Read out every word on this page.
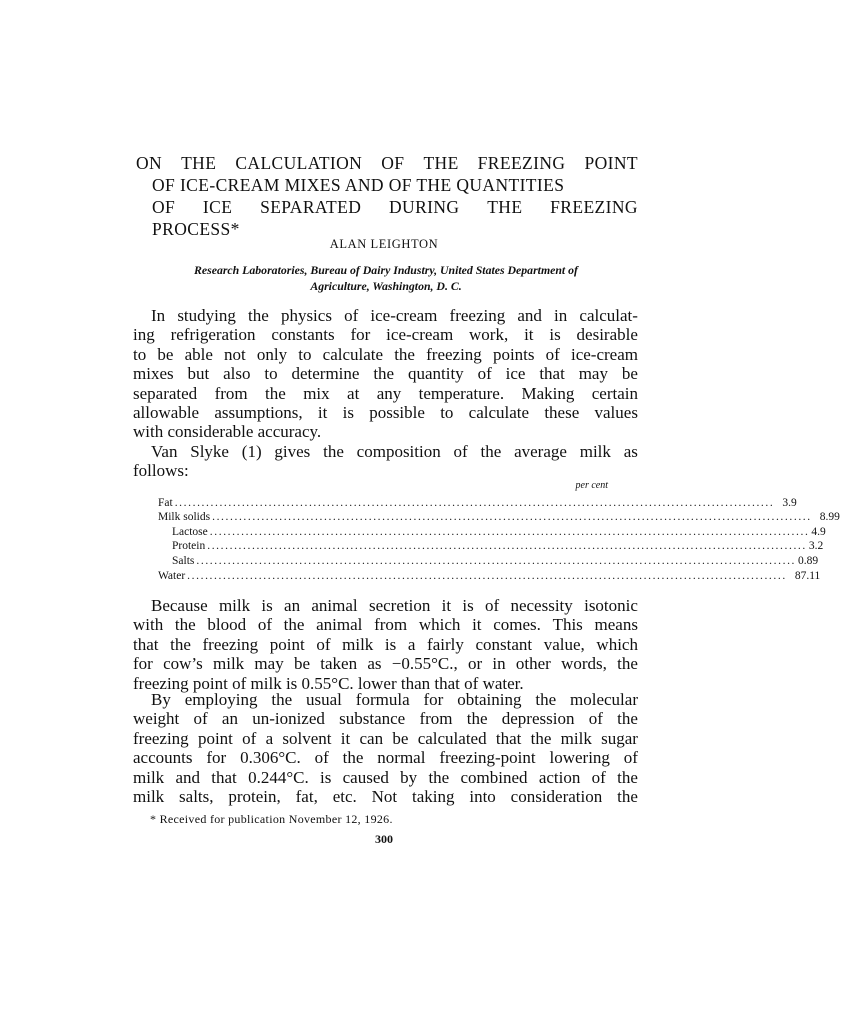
ON THE CALCULATION OF THE FREEZING POINT
OF ICE-CREAM MIXES AND OF THE QUANTITIES
OF ICE SEPARATED DURING THE FREEZING
PROCESS*
ALAN LEIGHTON
Research Laboratories, Bureau of Dairy Industry, United States Department of
Agriculture, Washington, D. C.
In studying the physics of ice-cream freezing and in calculat-
ing refrigeration constants for ice-cream work, it is desirable
to be able not only to calculate the freezing points of ice-cream
mixes but also to determine the quantity of ice that may be
separated from the mix at any temperature. Making certain
allowable assumptions, it is possible to calculate these values
with considerable accuracy.
Van Slyke (1) gives the composition of the average milk as
follows:
per cent
Fat ...................................................................................................................................... 3.9
Milk solids ...................................................................................................................................... 8.99
Lactose ...................................................................................................................................... 4.9
Protein ...................................................................................................................................... 3.2
Salts ...................................................................................................................................... 0.89
Water ...................................................................................................................................... 87.11
Because milk is an animal secretion it is of necessity isotonic
with the blood of the animal from which it comes. This means
that the freezing point of milk is a fairly constant value, which
for cow’s milk may be taken as −0.55°C., or in other words, the
freezing point of milk is 0.55°C. lower than that of water.
By employing the usual formula for obtaining the molecular
weight of an un-ionized substance from the depression of the
freezing point of a solvent it can be calculated that the milk sugar
accounts for 0.306°C. of the normal freezing-point lowering of
milk and that 0.244°C. is caused by the combined action of the
milk salts, protein, fat, etc. Not taking into consideration the
* Received for publication November 12, 1926.
300
